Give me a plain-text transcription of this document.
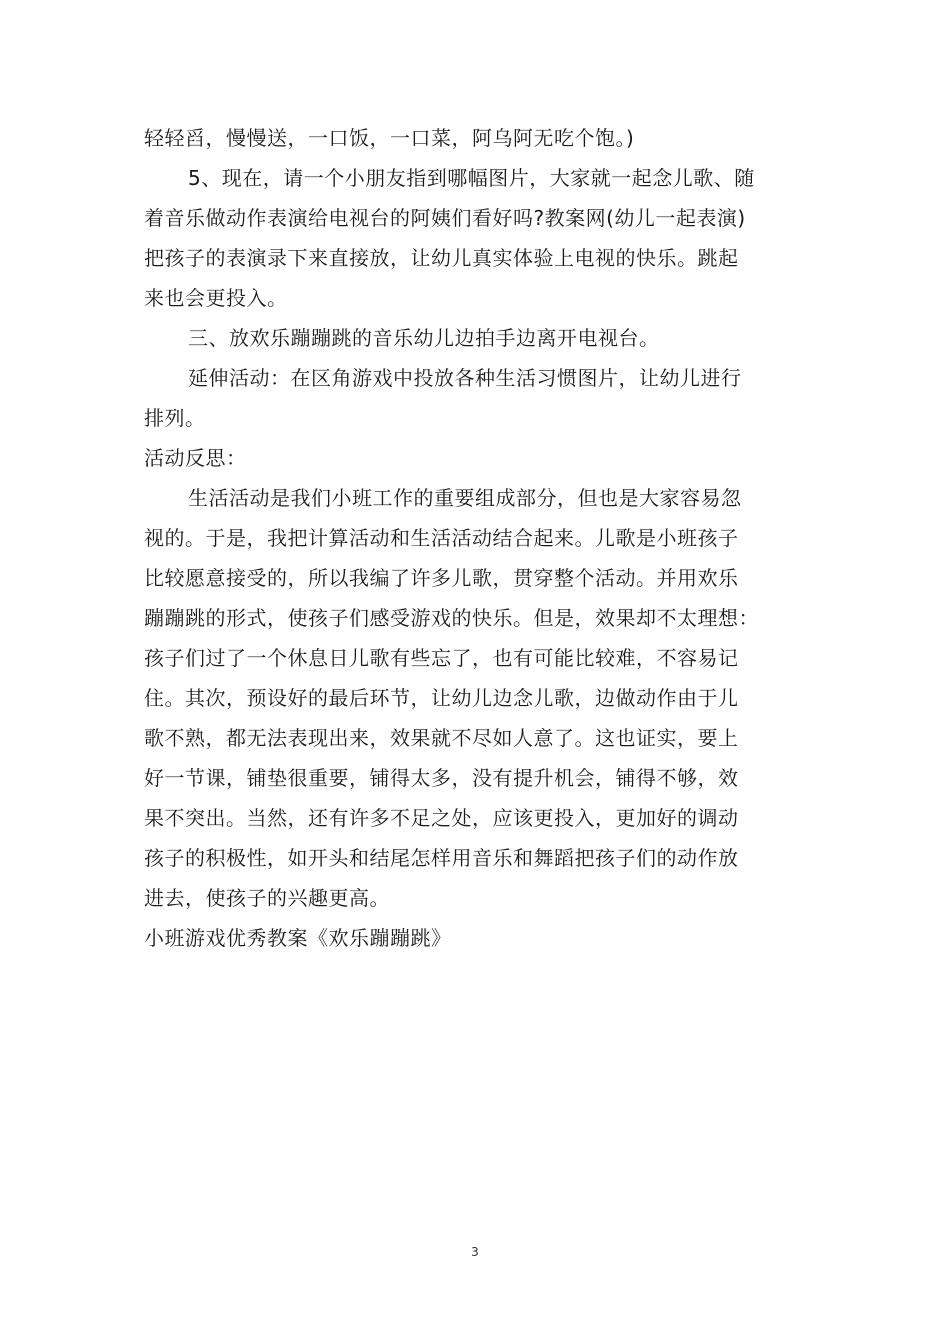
轻轻舀，慢慢送，一口饭，一口菜，阿乌阿无吃个饱。)
5、现在，请一个小朋友指到哪幅图片，大家就一起念儿歌、随
着音乐做动作表演给电视台的阿姨们看好吗?教案网(幼儿一起表演)
把孩子的表演录下来直接放，让幼儿真实体验上电视的快乐。跳起
来也会更投入。
三、放欢乐蹦蹦跳的音乐幼儿边拍手边离开电视台。
延伸活动：在区角游戏中投放各种生活习惯图片，让幼儿进行
排列。
活动反思：
生活活动是我们小班工作的重要组成部分，但也是大家容易忽
视的。于是，我把计算活动和生活活动结合起来。儿歌是小班孩子
比较愿意接受的，所以我编了许多儿歌，贯穿整个活动。并用欢乐
蹦蹦跳的形式，使孩子们感受游戏的快乐。但是，效果却不太理想：
孩子们过了一个休息日儿歌有些忘了，也有可能比较难，不容易记
住。其次，预设好的最后环节，让幼儿边念儿歌，边做动作由于儿
歌不熟，都无法表现出来，效果就不尽如人意了。这也证实，要上
好一节课，铺垫很重要，铺得太多，没有提升机会，铺得不够，效
果不突出。当然，还有许多不足之处，应该更投入，更加好的调动
孩子的积极性，如开头和结尾怎样用音乐和舞蹈把孩子们的动作放
进去，使孩子的兴趣更高。
小班游戏优秀教案《欢乐蹦蹦跳》
3
